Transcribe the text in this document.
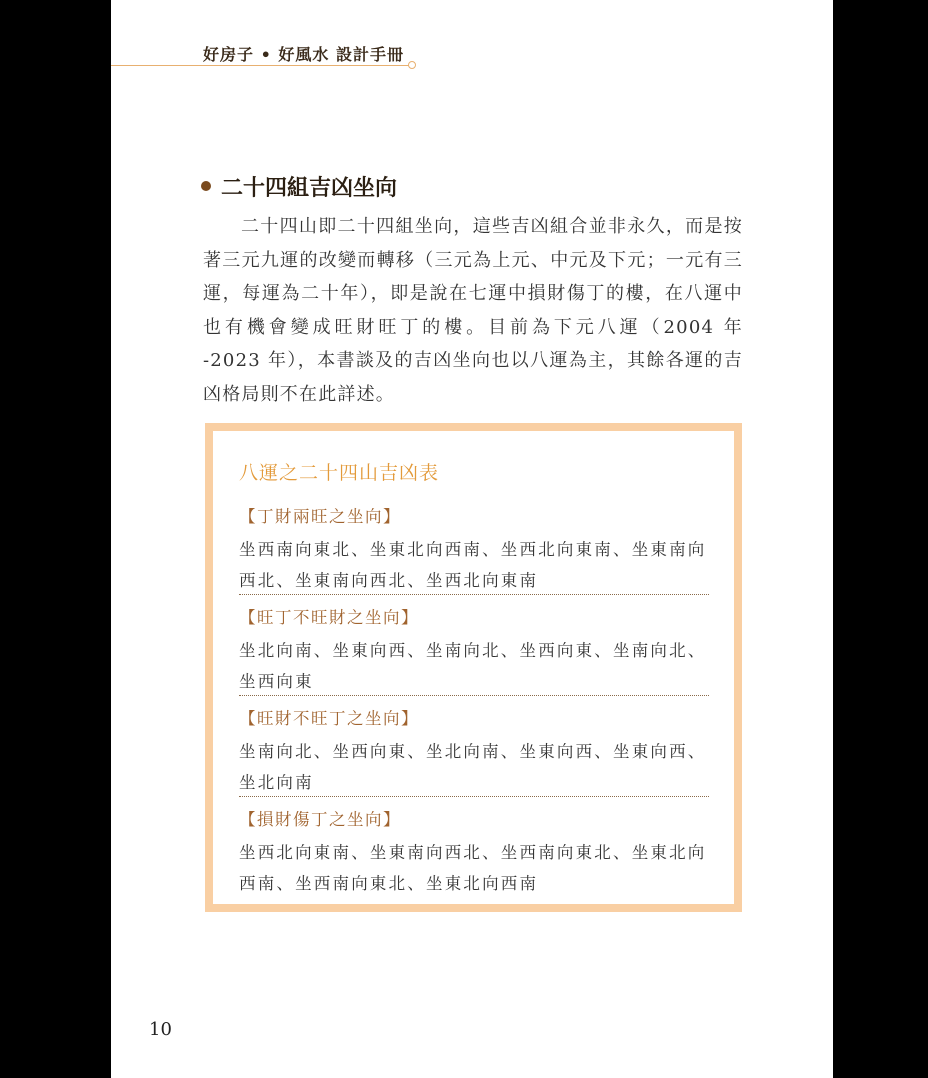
好房子 • 好風水 設計手冊
二十四組吉凶坐向

二十四山即二十四組坐向，這些吉凶組合並非永久，而是按著三元九運的改變而轉移（三元為上元、中元及下元；一元有三運，每運為二十年），即是說在七運中損財傷丁的樓，在八運中也有機會變成旺財旺丁的樓。目前為下元八運（2004 年 -2023 年），本書談及的吉凶坐向也以八運為主，其餘各運的吉凶格局則不在此詳述。

八運之二十四山吉凶表
【丁財兩旺之坐向】
坐西南向東北、坐東北向西南、坐西北向東南、坐東南向西北、坐東南向西北、坐西北向東南
【旺丁不旺財之坐向】
坐北向南、坐東向西、坐南向北、坐西向東、坐南向北、坐西向東
【旺財不旺丁之坐向】
坐南向北、坐西向東、坐北向南、坐東向西、坐東向西、坐北向南
【損財傷丁之坐向】
坐西北向東南、坐東南向西北、坐西南向東北、坐東北向西南、坐西南向東北、坐東北向西南
10
